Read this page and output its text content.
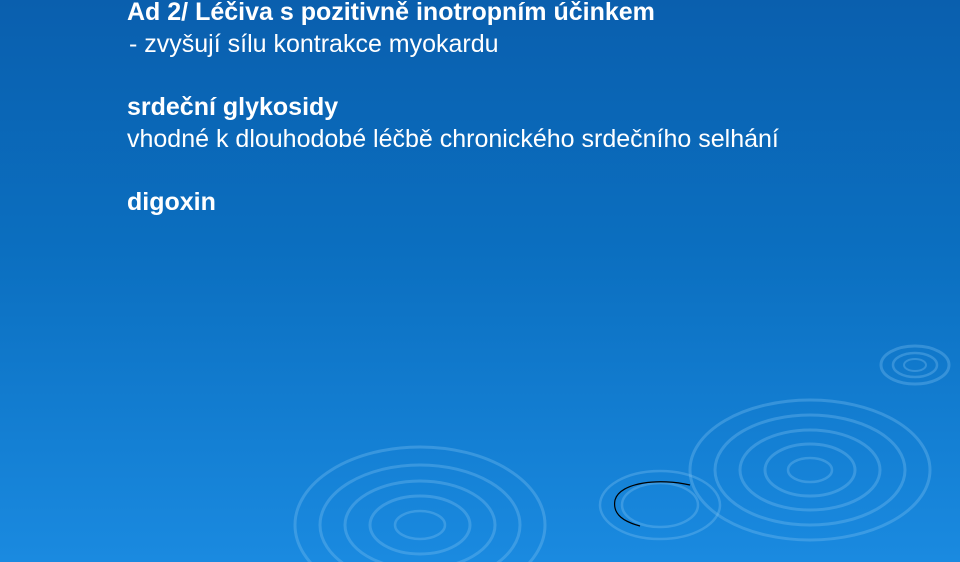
Ad 2/ Léčiva s pozitivně inotropním účinkem
- zvyšují sílu kontrakce myokardu
srdeční glykosidy
vhodné k dlouhodobé léčbě chronického srdečního selhání
digoxin
